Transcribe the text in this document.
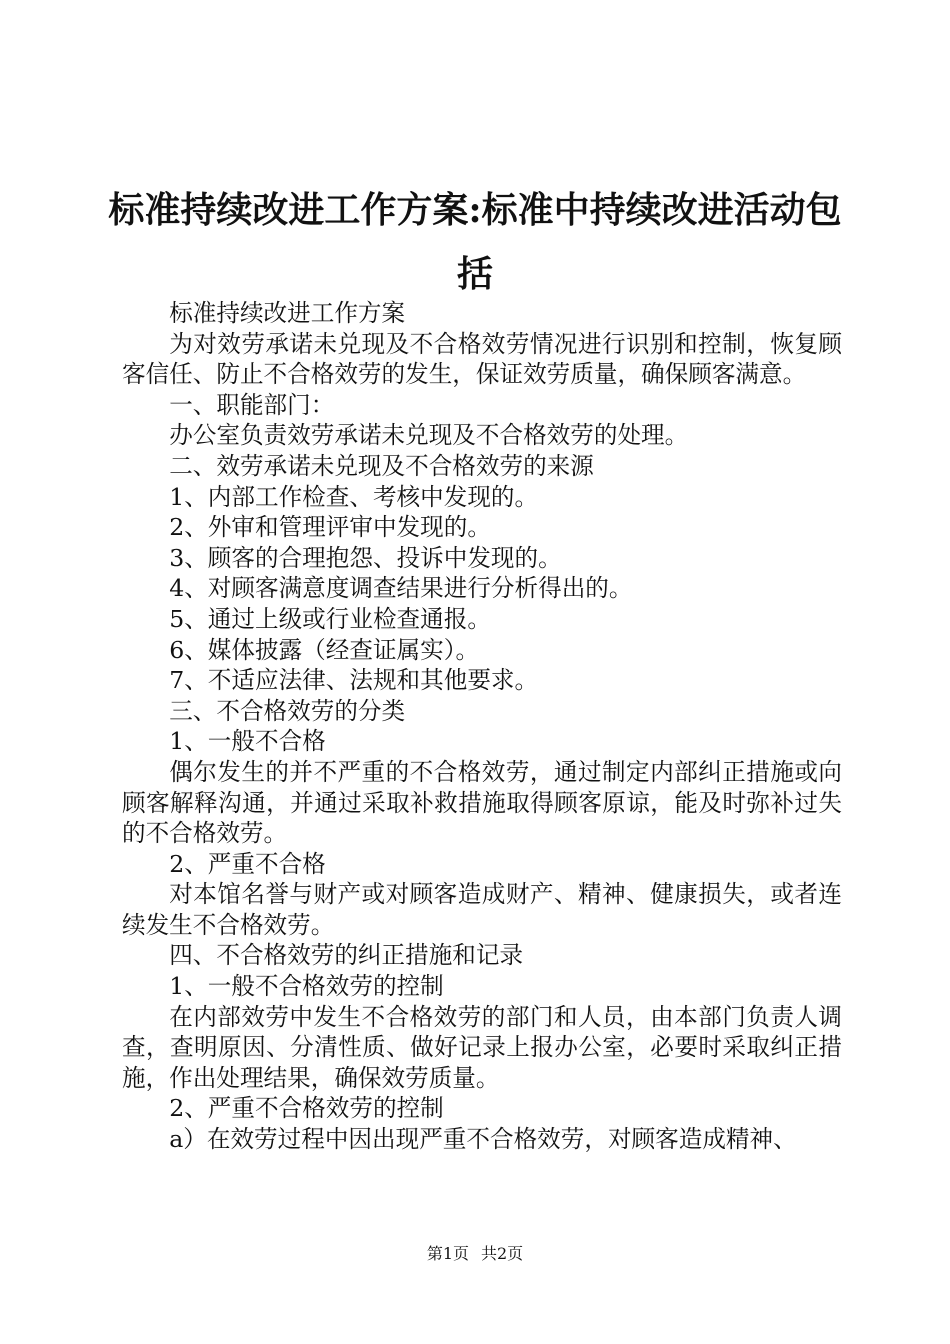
标准持续改进工作方案:标准中持续改进活动包括

标准持续改进工作方案

为对效劳承诺未兑现及不合格效劳情况进行识别和控制，恢复顾客信任、防止不合格效劳的发生，保证效劳质量，确保顾客满意。

一、职能部门：

办公室负责效劳承诺未兑现及不合格效劳的处理。

二、效劳承诺未兑现及不合格效劳的来源

1、内部工作检查、考核中发现的。

2、外审和管理评审中发现的。

3、顾客的合理抱怨、投诉中发现的。

4、对顾客满意度调查结果进行分析得出的。

5、通过上级或行业检查通报。

6、媒体披露（经查证属实）。

7、不适应法律、法规和其他要求。

三、不合格效劳的分类

1、一般不合格

偶尔发生的并不严重的不合格效劳，通过制定内部纠正措施或向顾客解释沟通，并通过采取补救措施取得顾客原谅，能及时弥补过失的不合格效劳。

2、严重不合格

对本馆名誉与财产或对顾客造成财产、精神、健康损失，或者连续发生不合格效劳。

四、不合格效劳的纠正措施和记录

1、一般不合格效劳的控制

在内部效劳中发生不合格效劳的部门和人员，由本部门负责人调查，查明原因、分清性质、做好记录上报办公室，必要时采取纠正措施，作出处理结果，确保效劳质量。

2、严重不合格效劳的控制

a）在效劳过程中因出现严重不合格效劳，对顾客造成精神、

第1页 共2页
